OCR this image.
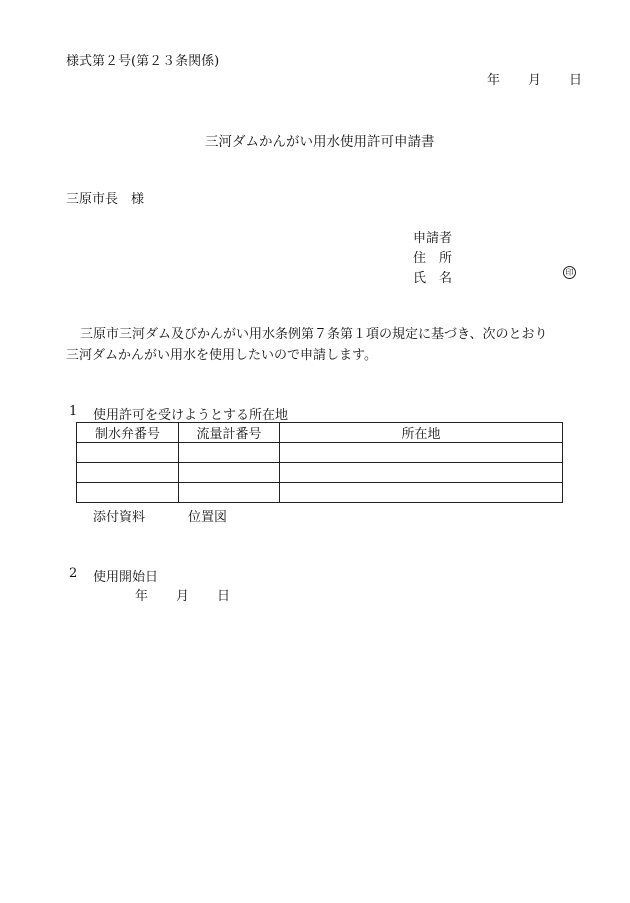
様式第２号(第２３条関係)
年 月 日
三河ダムかんがい用水使用許可申請書
三原市長　様
申請者
住　所
氏　名	印
三原市三河ダム及びかんがい用水条例第７条第１項の規定に基づき、次のとおり
三河ダムかんがい用水を使用したいので申請します。
1 使用許可を受けようとする所在地
制水弁番号	流量計番号	所在地

添付資料	位置図
2 使用開始日
年 月 日
